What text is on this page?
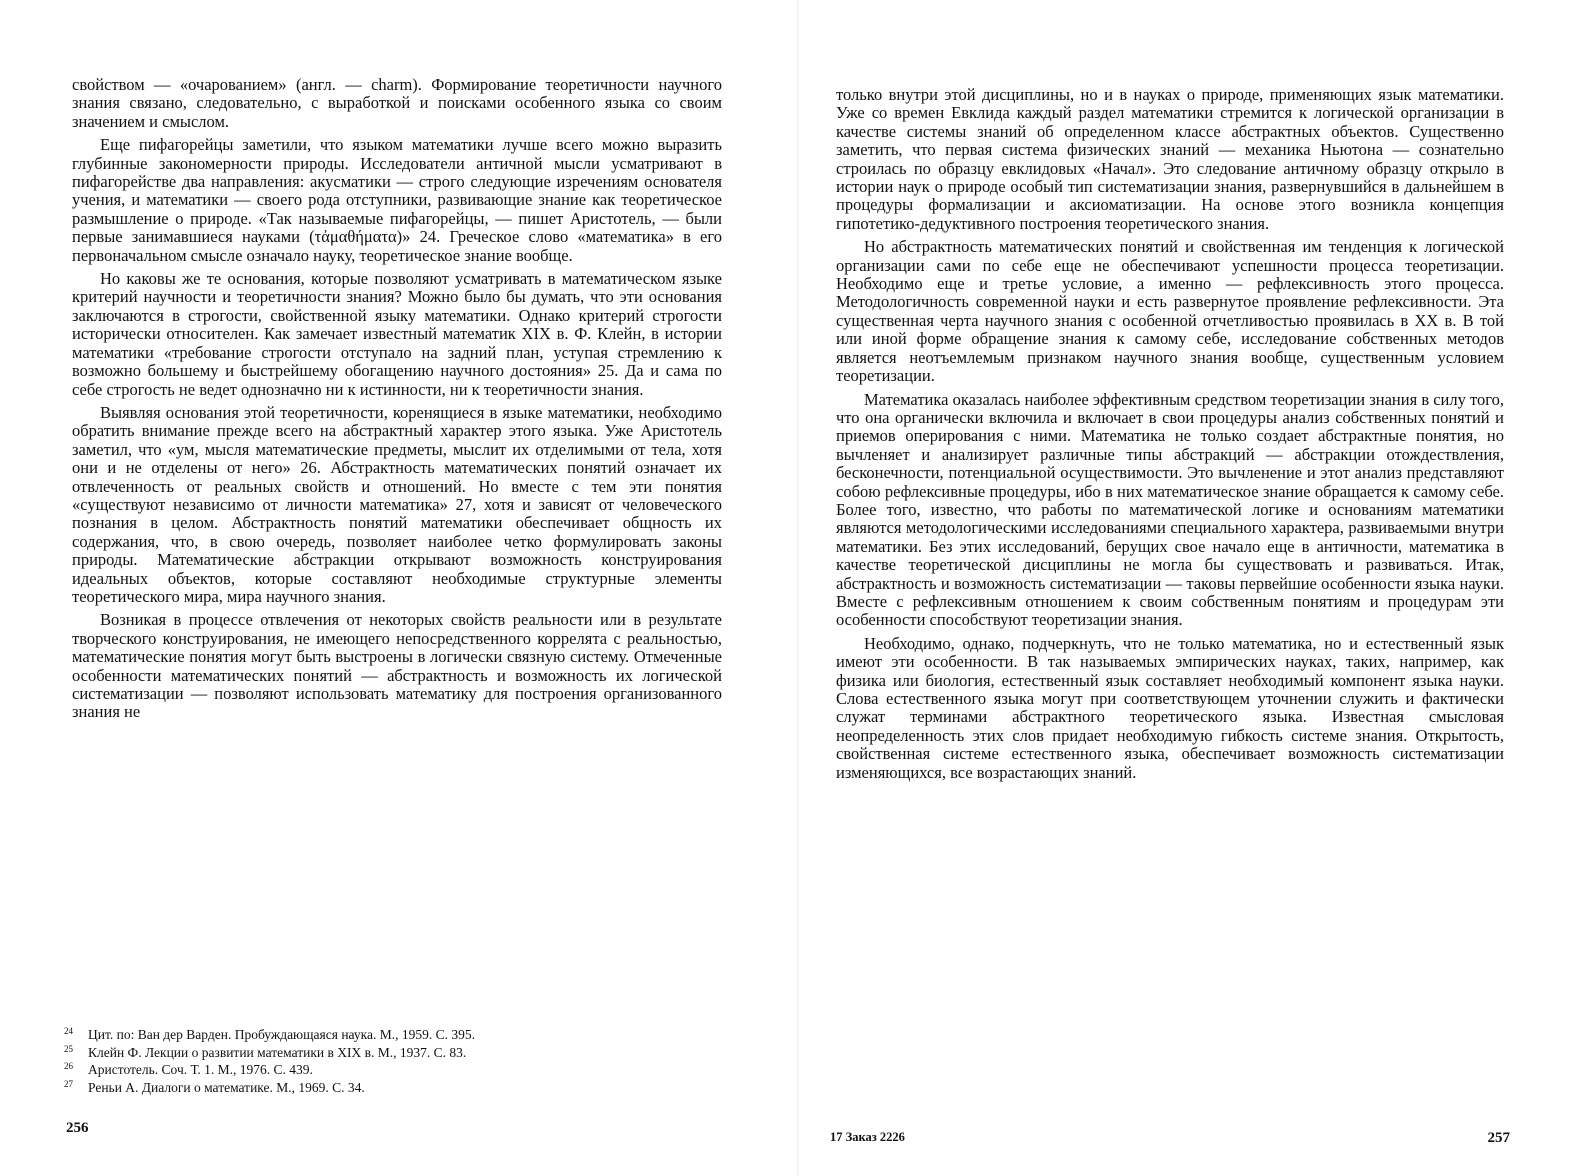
свойством — «очарованием» (англ. — charm). Формирование теоретичности научного знания связано, следовательно, с выработкой и поисками особенного языка со своим значением и смыслом.

Еще пифагорейцы заметили, что языком математики лучше всего можно выразить глубинные закономерности природы. Исследователи античной мысли усматривают в пифагорействе два направления: акусматики — строго следующие изречениям основателя учения, и математики — своего рода отступники, развивающие знание как теоретическое размышление о природе. «Так называемые пифагорейцы, — пишет Аристотель, — были первые занимавшиеся науками (τἀμαθήματα)» 24. Греческое слово «математика» в его первоначальном смысле означало науку, теоретическое знание вообще.

Но каковы же те основания, которые позволяют усматривать в математическом языке критерий научности и теоретичности знания? Можно было бы думать, что эти основания заключаются в строгости, свойственной языку математики. Однако критерий строгости исторически относителен. Как замечает известный математик XIX в. Ф. Клейн, в истории математики «требование строгости отступало на задний план, уступая стремлению к возможно большему и быстрейшему обогащению научного достояния» 25. Да и сама по себе строгость не ведет однозначно ни к истинности, ни к теоретичности знания.

Выявляя основания этой теоретичности, коренящиеся в языке математики, необходимо обратить внимание прежде всего на абстрактный характер этого языка. Уже Аристотель заметил, что «ум, мысля математические предметы, мыслит их отделимыми от тела, хотя они и не отделены от него» 26. Абстрактность математических понятий означает их отвлеченность от реальных свойств и отношений. Но вместе с тем эти понятия «существуют независимо от личности математика» 27, хотя и зависят от человеческого познания в целом. Абстрактность понятий математики обеспечивает общность их содержания, что, в свою очередь, позволяет наиболее четко формулировать законы природы. Математические абстракции открывают возможность конструирования идеальных объектов, которые составляют необходимые структурные элементы теоретического мира, мира научного знания.

Возникая в процессе отвлечения от некоторых свойств реальности или в результате творческого конструирования, не имеющего непосредственного коррелята с реальностью, математические понятия могут быть выстроены в логически связную систему. Отмеченные особенности математических понятий — абстрактность и возможность их логической систематизации — позволяют использовать математику для построения организованного знания не

24	Цит. по: Ван дер Варден. Пробуждающаяся наука. М., 1959. С. 395.
25	Клейн Ф. Лекции о развитии математики в XIX в. М., 1937. С. 83.
26	Аристотель. Соч. Т. 1. М., 1976. С. 439.
27	Реньи А. Диалоги о математике. М., 1969. С. 34.
256

только внутри этой дисциплины, но и в науках о природе, применяющих язык математики. Уже со времен Евклида каждый раздел математики стремится к логической организации в качестве системы знаний об определенном классе абстрактных объектов. Существенно заметить, что первая система физических знаний — механика Ньютона — сознательно строилась по образцу евклидовых «Начал». Это следование античному образцу открыло в истории наук о природе особый тип систематизации знания, развернувшийся в дальнейшем в процедуры формализации и аксиоматизации. На основе этого возникла концепция гипотетико-дедуктивного построения теоретического знания.

Но абстрактность математических понятий и свойственная им тенденция к логической организации сами по себе еще не обеспечивают успешности процесса теоретизации. Необходимо еще и третье условие, а именно — рефлексивность этого процесса. Методологичность современной науки и есть развернутое проявление рефлексивности. Эта существенная черта научного знания с особенной отчетливостью проявилась в XX в. В той или иной форме обращение знания к самому себе, исследование собственных методов является неотъемлемым признаком научного знания вообще, существенным условием теоретизации.

Математика оказалась наиболее эффективным средством теоретизации знания в силу того, что она органически включила и включает в свои процедуры анализ собственных понятий и приемов оперирования с ними. Математика не только создает абстрактные понятия, но вычленяет и анализирует различные типы абстракций — абстракции отождествления, бесконечности, потенциальной осуществимости. Это вычленение и этот анализ представляют собою рефлексивные процедуры, ибо в них математическое знание обращается к самому себе. Более того, известно, что работы по математической логике и основаниям математики являются методологическими исследованиями специального характера, развиваемыми внутри математики. Без этих исследований, берущих свое начало еще в античности, математика в качестве теоретической дисциплины не могла бы существовать и развиваться. Итак, абстрактность и возможность систематизации — таковы первейшие особенности языка науки. Вместе с рефлексивным отношением к своим собственным понятиям и процедурам эти особенности способствуют теоретизации знания.

Необходимо, однако, подчеркнуть, что не только математика, но и естественный язык имеют эти особенности. В так называемых эмпирических науках, таких, например, как физика или биология, естественный язык составляет необходимый компонент языка науки. Слова естественного языка могут при соответствующем уточнении служить и фактически служат терминами абстрактного теоретического языка. Известная смысловая неопределенность этих слов придает необходимую гибкость системе знания. Открытость, свойственная системе естественного языка, обеспечивает возможность систематизации изменяющихся, все возрастающих знаний.

17 Заказ 2226	257
